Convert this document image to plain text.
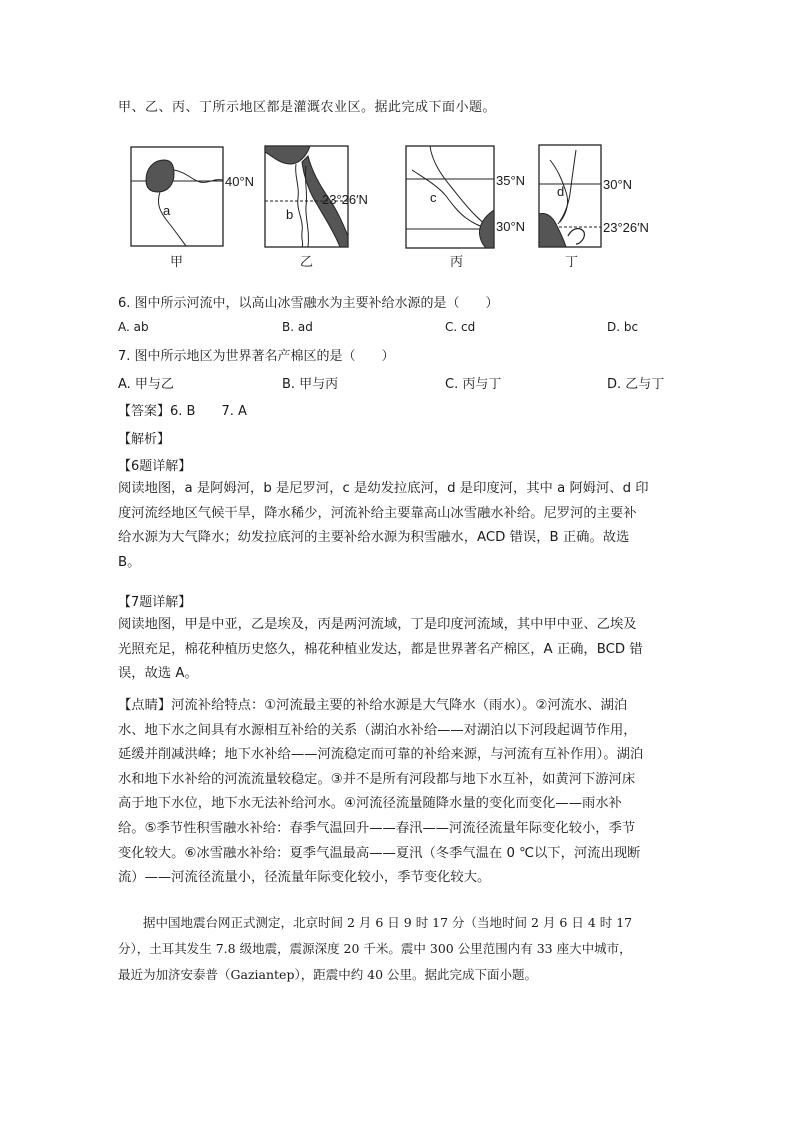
甲、乙、丙、丁所示地区都是灌溉农业区。据此完成下面小题。
a
40°N
甲
b
23°26′N
乙
c
35°N
30°N
丙
d	30°N
23°26′N
丁
6. 图中所示河流中，以高山冰雪融水为主要补给水源的是（　　）
A. ab	B. ad	C. cd	D. bc
7. 图中所示地区为世界著名产棉区的是（　　）
A. 甲与乙	B. 甲与丙	C. 丙与丁	D. 乙与丁
【答案】6. B　　7. A
【解析】
【6题详解】
阅读地图，a 是阿姆河，b 是尼罗河，c 是幼发拉底河，d 是印度河，其中 a 阿姆河、d 印
度河流经地区气候干旱，降水稀少，河流补给主要靠高山冰雪融水补给。尼罗河的主要补
给水源为大气降水；幼发拉底河的主要补给水源为积雪融水，ACD 错误，B 正确。故选
B。
【7题详解】
阅读地图，甲是中亚，乙是埃及，丙是两河流域，丁是印度河流域，其中甲中亚、乙埃及
光照充足，棉花种植历史悠久，棉花种植业发达，都是世界著名产棉区，A 正确，BCD 错
误，故选 A。
【点睛】河流补给特点：①河流最主要的补给水源是大气降水（雨水）。②河流水、湖泊
水、地下水之间具有水源相互补给的关系（湖泊水补给——对湖泊以下河段起调节作用，
延缓并削减洪峰；地下水补给——河流稳定而可靠的补给来源，与河流有互补作用）。湖泊
水和地下水补给的河流流量较稳定。③并不是所有河段都与地下水互补，如黄河下游河床
高于地下水位，地下水无法补给河水。④河流径流量随降水量的变化而变化——雨水补
给。⑤季节性积雪融水补给：春季气温回升——春汛——河流径流量年际变化较小，季节
变化较大。⑥冰雪融水补给：夏季气温最高——夏汛（冬季气温在 0 ℃以下，河流出现断
流）——河流径流量小，径流量年际变化较小，季节变化较大。
　　据中国地震台网正式测定，北京时间 2 月 6 日 9 时 17 分（当地时间 2 月 6 日 4 时 17
分），土耳其发生 7.8 级地震，震源深度 20 千米。震中 300 公里范围内有 33 座大中城市，
最近为加济安泰普（Gaziantep），距震中约 40 公里。据此完成下面小题。
